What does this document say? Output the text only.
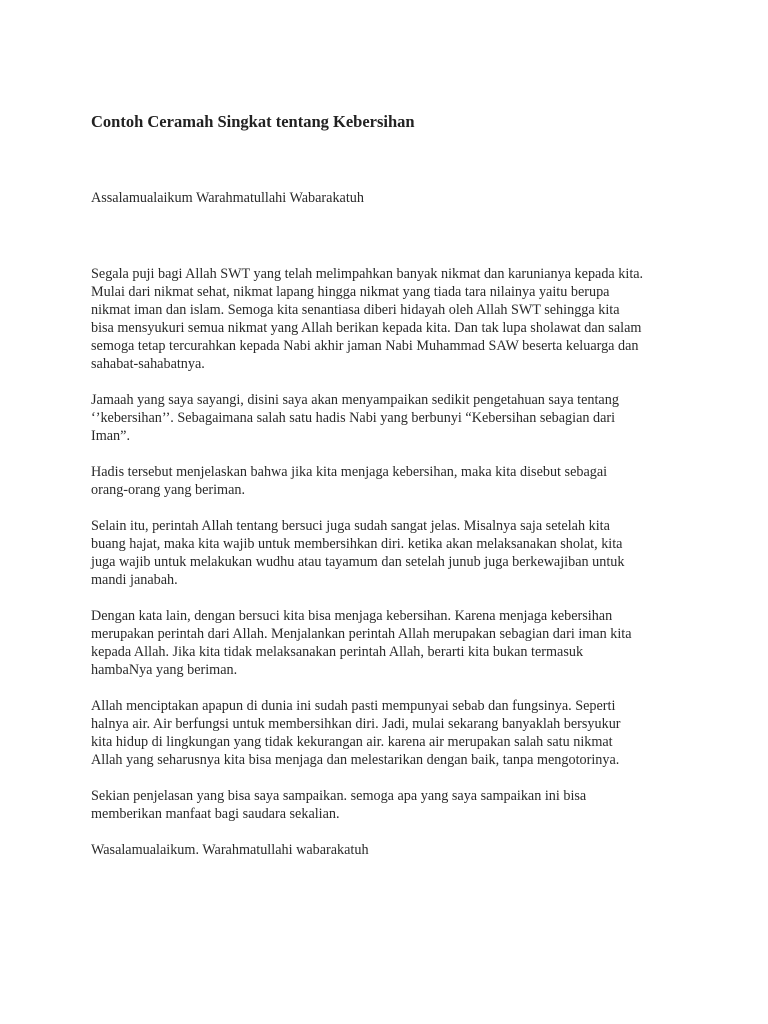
Contoh Ceramah Singkat tentang Kebersihan

Assalamualaikum Warahmatullahi Wabarakatuh

Segala puji bagi Allah SWT yang telah melimpahkan banyak nikmat dan karunianya kepada kita.
Mulai dari nikmat sehat, nikmat lapang hingga nikmat yang tiada tara nilainya yaitu berupa
nikmat iman dan islam. Semoga kita senantiasa diberi hidayah oleh Allah SWT sehingga kita
bisa mensyukuri semua nikmat yang Allah berikan kepada kita. Dan tak lupa sholawat dan salam
semoga tetap tercurahkan kepada Nabi akhir jaman Nabi Muhammad SAW beserta keluarga dan
sahabat-sahabatnya.

Jamaah yang saya sayangi, disini saya akan menyampaikan sedikit pengetahuan saya tentang
‘’kebersihan’’. Sebagaimana salah satu hadis Nabi yang berbunyi “Kebersihan sebagian dari
Iman”.

Hadis tersebut menjelaskan bahwa jika kita menjaga kebersihan, maka kita disebut sebagai
orang-orang yang beriman.

Selain itu, perintah Allah tentang bersuci juga sudah sangat jelas. Misalnya saja setelah kita
buang hajat, maka kita wajib untuk membersihkan diri. ketika akan melaksanakan sholat, kita
juga wajib untuk melakukan wudhu atau tayamum dan setelah junub juga berkewajiban untuk
mandi janabah.

Dengan kata lain, dengan bersuci kita bisa menjaga kebersihan. Karena menjaga kebersihan
merupakan perintah dari Allah. Menjalankan perintah Allah merupakan sebagian dari iman kita
kepada Allah. Jika kita tidak melaksanakan perintah Allah, berarti kita bukan termasuk
hambaNya yang beriman.

Allah menciptakan apapun di dunia ini sudah pasti mempunyai sebab dan fungsinya. Seperti
halnya air. Air berfungsi untuk membersihkan diri. Jadi, mulai sekarang banyaklah bersyukur
kita hidup di lingkungan yang tidak kekurangan air. karena air merupakan salah satu nikmat
Allah yang seharusnya kita bisa menjaga dan melestarikan dengan baik, tanpa mengotorinya.

Sekian penjelasan yang bisa saya sampaikan. semoga apa yang saya sampaikan ini bisa
memberikan manfaat bagi saudara sekalian.

Wasalamualaikum. Warahmatullahi wabarakatuh
